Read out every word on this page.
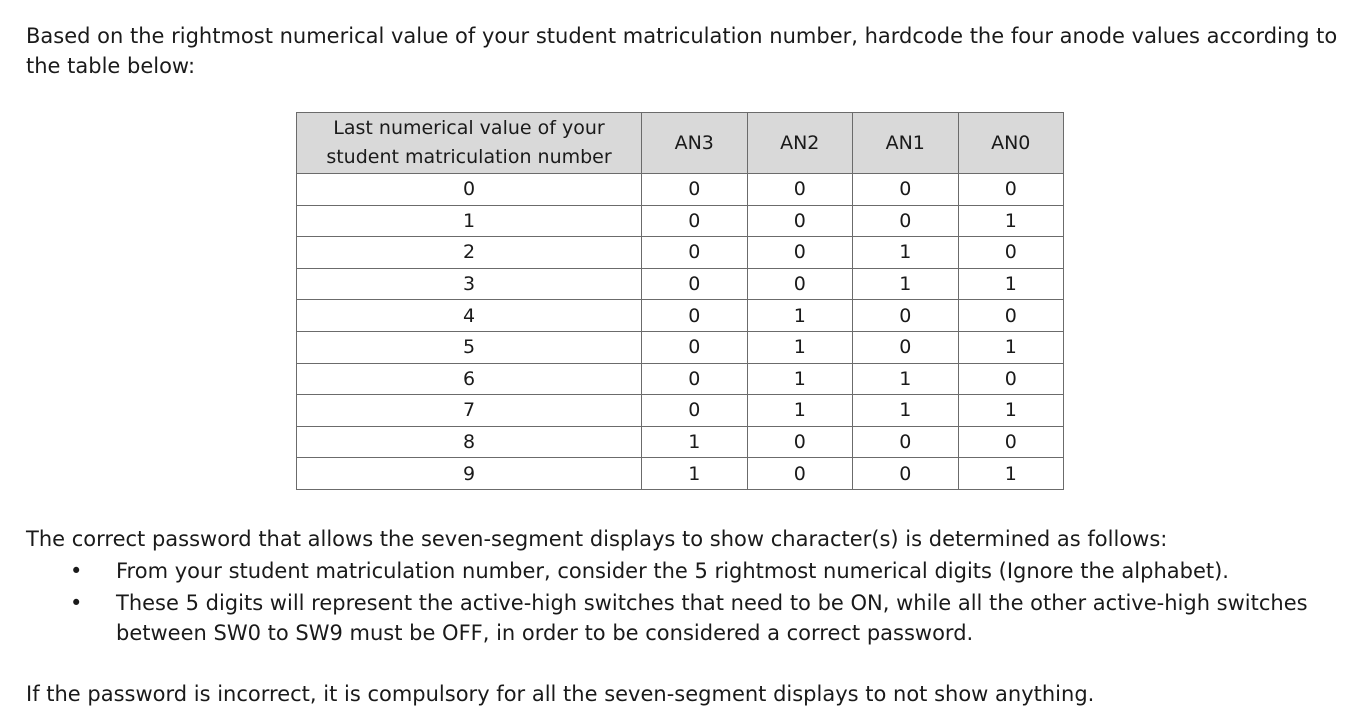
Based on the rightmost numerical value of your student matriculation number, hardcode the four anode values according to the table below:

Last numerical value of your student matriculation number	AN3	AN2	AN1	AN0
0	0	0	0	0
1	0	0	0	1
2	0	0	1	0
3	0	0	1	1
4	0	1	0	0
5	0	1	0	1
6	0	1	1	0
7	0	1	1	1
8	1	0	0	0
9	1	0	0	1

The correct password that allows the seven-segment displays to show character(s) is determined as follows:

• From your student matriculation number, consider the 5 rightmost numerical digits (Ignore the alphabet).
• These 5 digits will represent the active-high switches that need to be ON, while all the other active-high switches between SW0 to SW9 must be OFF, in order to be considered a correct password.

If the password is incorrect, it is compulsory for all the seven-segment displays to not show anything.
